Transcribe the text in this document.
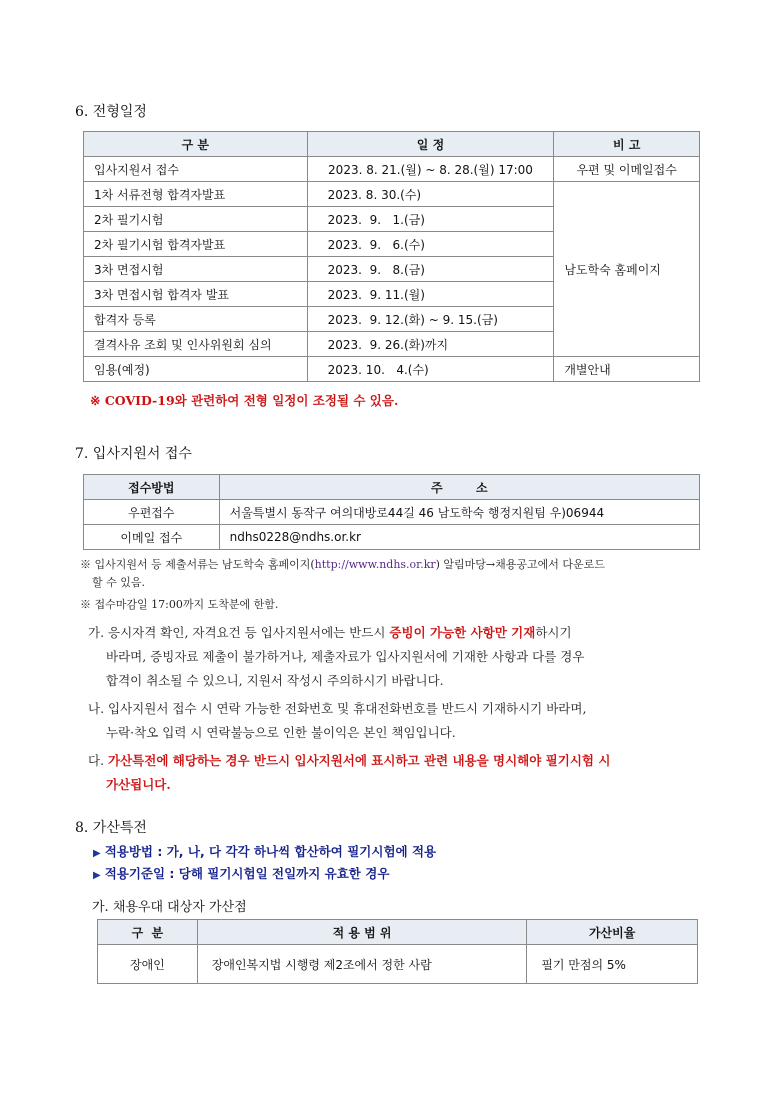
6. 전형일정
구 분	일 정	비 고
입사지원서 접수	2023. 8. 21.(월) ~ 8. 28.(월) 17:00	우편 및 이메일접수
1차 서류전형 합격자발표	2023. 8. 30.(수)	남도학숙 홈페이지
2차 필기시험	2023.  9.   1.(금)	
2차 필기시험 합격자발표	2023.  9.   6.(수)	
3차 면접시험	2023.  9.   8.(금)	
3차 면접시험 합격자 발표	2023.  9. 11.(월)	
합격자 등록	2023.  9. 12.(화) ~ 9. 15.(금)	
결격사유 조회 및 인사위원회 심의	2023.  9. 26.(화)까지	
임용(예정)	2023. 10.   4.(수)	개별안내
※ COVID-19와 관련하여 전형 일정이 조정될 수 있음.
7. 입사지원서 접수
접수방법	주        소
우편접수	서울특별시 동작구 여의대방로44길 46 남도학숙 행정지원팀 우)06944
이메일 접수	ndhs0228@ndhs.or.kr
※ 입사지원서 등 제출서류는 남도학숙 홈페이지(http://www.ndhs.or.kr) 알림마당→채용공고에서 다운로드
할 수 있음.
※ 접수마감일 17:00까지 도착분에 한함.
가. 응시자격 확인, 자격요건 등 입사지원서에는 반드시 증빙이 가능한 사항만 기재하시기
바라며, 증빙자료 제출이 불가하거나, 제출자료가 입사지원서에 기재한 사항과 다를 경우
합격이 취소될 수 있으니, 지원서 작성시 주의하시기 바랍니다.
나. 입사지원서 접수 시 연락 가능한 전화번호 및 휴대전화번호를 반드시 기재하시기 바라며,
누락·착오 입력 시 연락불능으로 인한 불이익은 본인 책임입니다.
다. 가산특전에 해당하는 경우 반드시 입사지원서에 표시하고 관련 내용을 명시해야 필기시험 시
가산됩니다.
8. 가산특전
▶ 적용방법 : 가, 나, 다 각각 하나씩 합산하여 필기시험에 적용
▶ 적용기준일 : 당해 필기시험일 전일까지 유효한 경우
가. 채용우대 대상자 가산점
구  분	적 용 범 위	가산비율
장애인	장애인복지법 시행령 제2조에서 정한 사람	필기 만점의 5%
